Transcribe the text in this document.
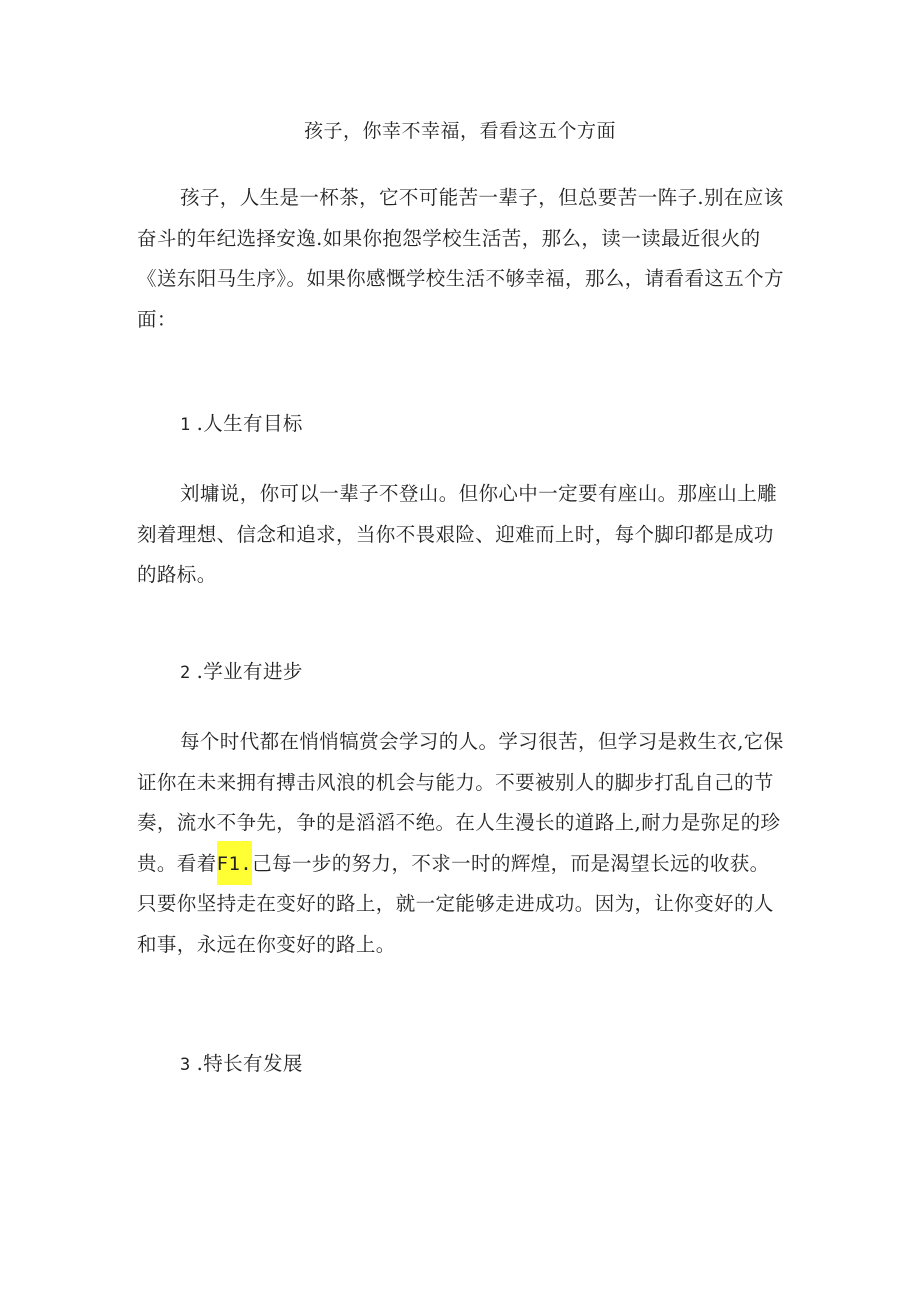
孩子，你幸不幸福，看看这五个方面

孩子，人生是一杯茶，它不可能苦一辈子，但总要苦一阵子.别在应该奋斗的年纪选择安逸.如果你抱怨学校生活苦，那么，读一读最近很火的《送东阳马生序》。如果你感慨学校生活不够幸福，那么，请看看这五个方面：

1 .人生有目标

刘墉说，你可以一辈子不登山。但你心中一定要有座山。那座山上雕刻着理想、信念和追求，当你不畏艰险、迎难而上时，每个脚印都是成功的路标。

2 .学业有进步

每个时代都在悄悄犒赏会学习的人。学习很苦，但学习是救生衣,它保证你在未来拥有搏击风浪的机会与能力。不要被别人的脚步打乱自己的节奏，流水不争先，争的是滔滔不绝。在人生漫长的道路上,耐力是弥足的珍贵。看着F1.己每一步的努力，不求一时的辉煌，而是渴望长远的收获。只要你坚持走在变好的路上，就一定能够走进成功。因为，让你变好的人和事，永远在你变好的路上。

3 .特长有发展
